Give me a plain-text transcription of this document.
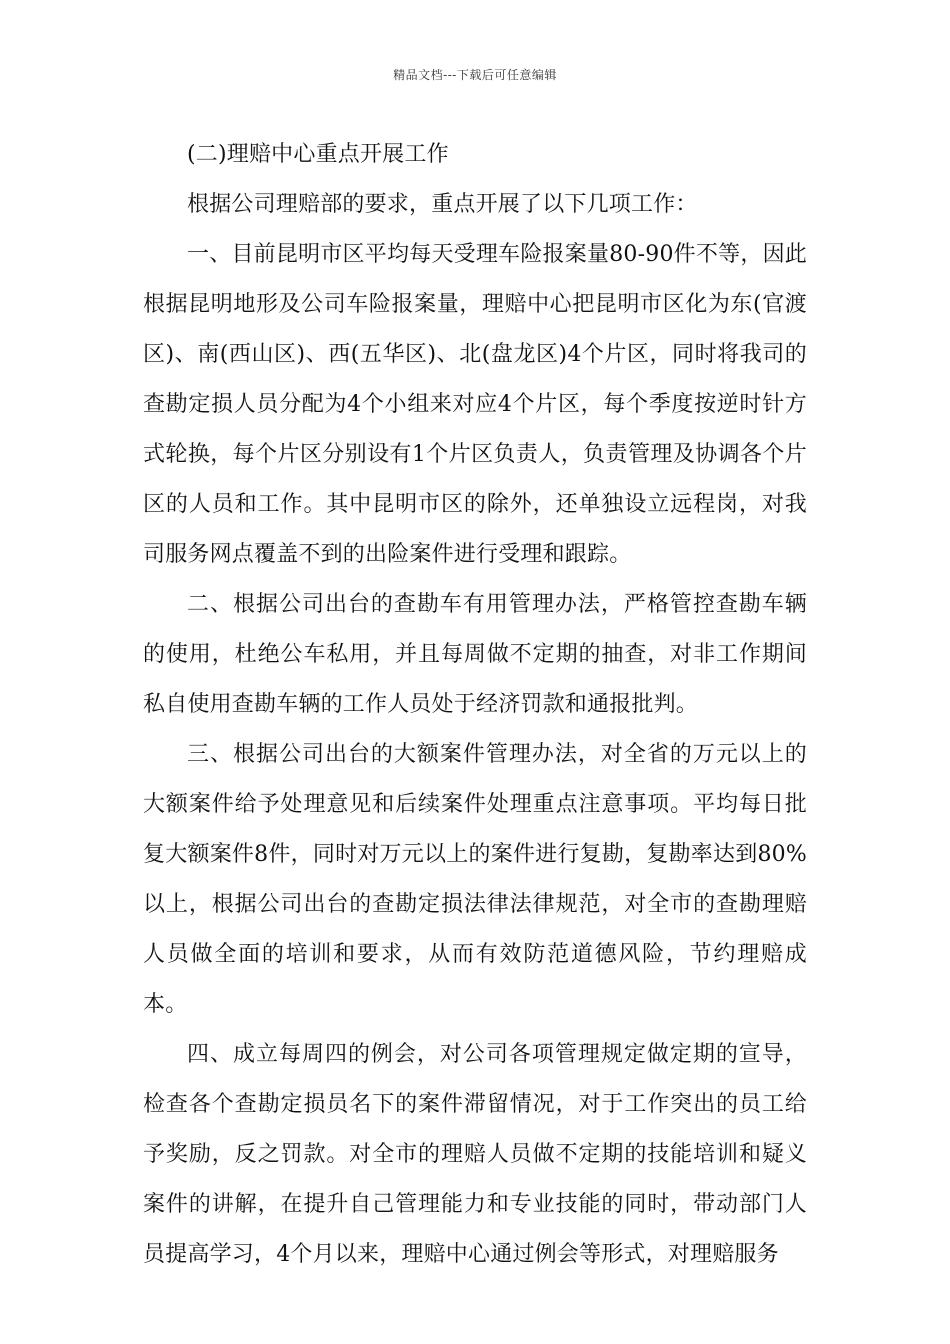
精品文档---下载后可任意编辑

(二)理赔中心重点开展工作

根据公司理赔部的要求，重点开展了以下几项工作：

一、目前昆明市区平均每天受理车险报案量80-90件不等，因此根据昆明地形及公司车险报案量，理赔中心把昆明市区化为东(官渡区)、南(西山区)、西(五华区)、北(盘龙区)4个片区，同时将我司的查勘定损人员分配为4个小组来对应4个片区，每个季度按逆时针方式轮换，每个片区分别设有1个片区负责人，负责管理及协调各个片区的人员和工作。其中昆明市区的除外，还单独设立远程岗，对我司服务网点覆盖不到的出险案件进行受理和跟踪。

二、根据公司出台的查勘车有用管理办法，严格管控查勘车辆的使用，杜绝公车私用，并且每周做不定期的抽查，对非工作期间私自使用查勘车辆的工作人员处于经济罚款和通报批判。

三、根据公司出台的大额案件管理办法，对全省的万元以上的大额案件给予处理意见和后续案件处理重点注意事项。平均每日批复大额案件8件，同时对万元以上的案件进行复勘，复勘率达到80%以上，根据公司出台的查勘定损法律法律规范，对全市的查勘理赔人员做全面的培训和要求，从而有效防范道德风险，节约理赔成本。

四、成立每周四的例会，对公司各项管理规定做定期的宣导，检查各个查勘定损员名下的案件滞留情况，对于工作突出的员工给予奖励，反之罚款。对全市的理赔人员做不定期的技能培训和疑义案件的讲解，在提升自己管理能力和专业技能的同时，带动部门人员提高学习，4个月以来，理赔中心通过例会等形式，对理赔服务
